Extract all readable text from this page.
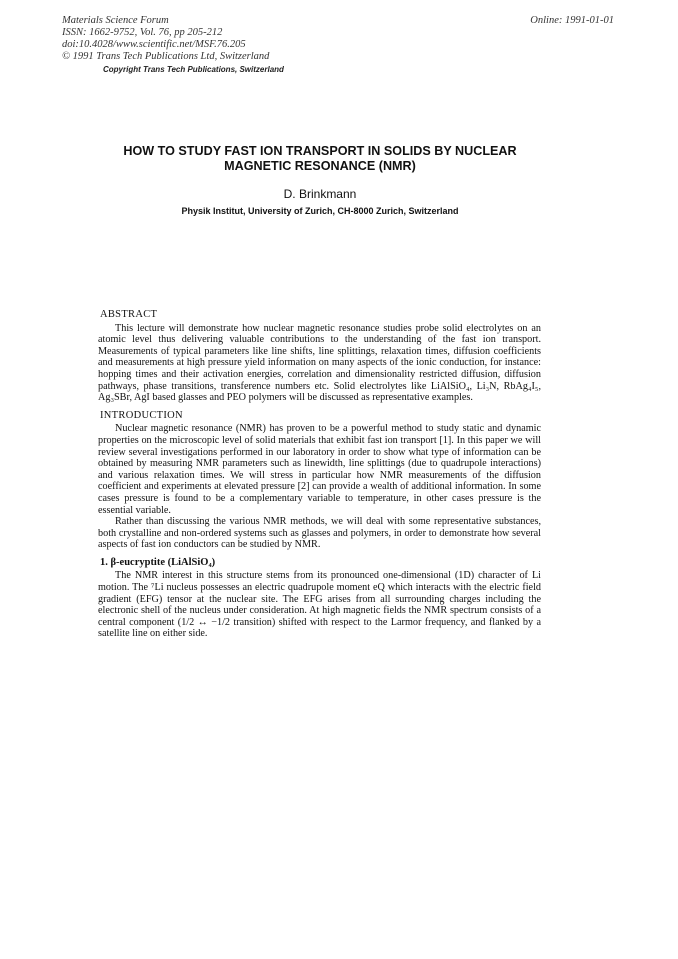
Materials Science Forum
ISSN: 1662-9752, Vol. 76, pp 205-212
doi:10.4028/www.scientific.net/MSF.76.205
© 1991 Trans Tech Publications Ltd, Switzerland
Online: 1991-01-01
Copyright Trans Tech Publications, Switzerland
HOW TO STUDY FAST ION TRANSPORT IN SOLIDS BY NUCLEAR
MAGNETIC RESONANCE (NMR)
D. Brinkmann
Physik Institut, University of Zurich, CH-8000 Zurich, Switzerland
ABSTRACT

This lecture will demonstrate how nuclear magnetic resonance studies probe solid electrolytes on an atomic level thus delivering valuable contributions to the understanding of the fast ion transport. Measurements of typical parameters like line shifts, line splittings, relaxation times, diffusion coefficients and measurements at high pressure yield information on many aspects of the ionic conduction, for instance: hopping times and their activation energies, correlation and dimensionality restricted diffusion, diffusion pathways, phase transitions, transference numbers etc. Solid electrolytes like LiAlSiO₄, Li₃N, RbAg₄I₅, Ag₃SBr, AgI based glasses and PEO polymers will be discussed as representative examples.

INTRODUCTION

Nuclear magnetic resonance (NMR) has proven to be a powerful method to study static and dynamic properties on the microscopic level of solid materials that exhibit fast ion transport [1]. In this paper we will review several investigations performed in our laboratory in order to show what type of information can be obtained by measuring NMR parameters such as linewidth, line splittings (due to quadrupole interactions) and various relaxation times. We will stress in particular how NMR measurements of the diffusion coefficient and experiments at elevated pressure [2] can provide a wealth of additional information. In some cases pressure is found to be a complementary variable to temperature, in other cases pressure is the essential variable.

Rather than discussing the various NMR methods, we will deal with some representative substances, both crystalline and non-ordered systems such as glasses and polymers, in order to demonstrate how several aspects of fast ion conductors can be studied by NMR.

1. β-eucryptite (LiAlSiO₄)

The NMR interest in this structure stems from its pronounced one-dimensional (1D) character of Li motion. The ⁷Li nucleus possesses an electric quadrupole moment eQ which interacts with the electric field gradient (EFG) tensor at the nuclear site. The EFG arises from all surrounding charges including the electronic shell of the nucleus under consideration. At high magnetic fields the NMR spectrum consists of a central component (1/2 ↔ −1/2 transition) shifted with respect to the Larmor frequency, and flanked by a satellite line on either side.
